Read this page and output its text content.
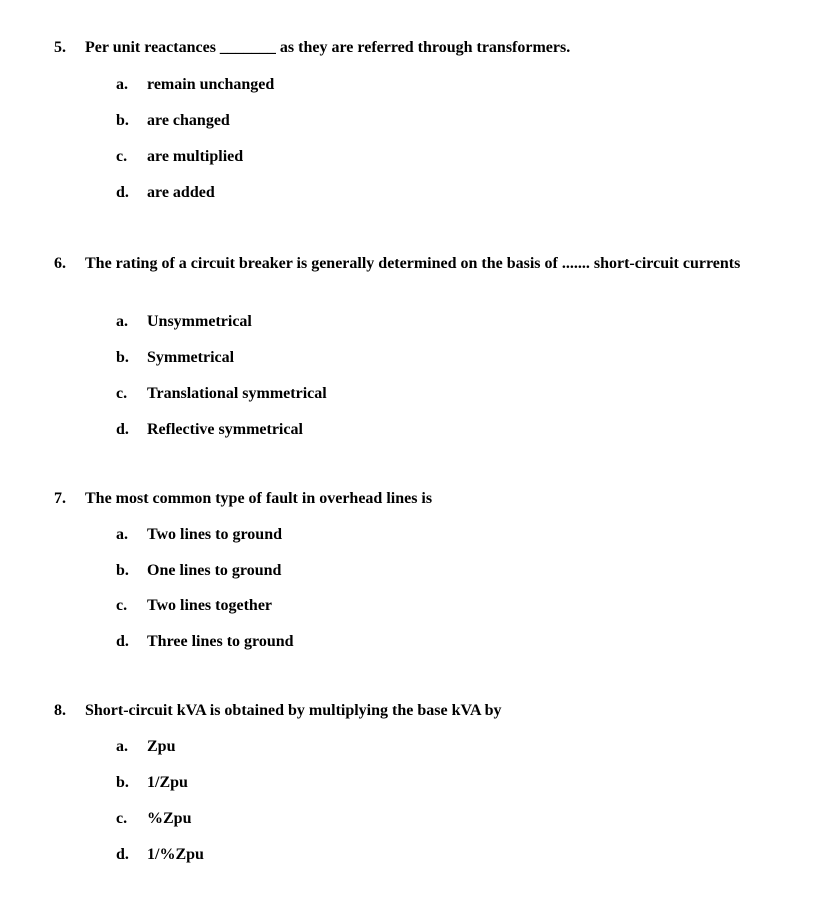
5. Per unit reactances _______ as they are referred through transformers.
a. remain unchanged
b. are changed
c. are multiplied
d. are added
6. The rating of a circuit breaker is generally determined on the basis of ....... short-circuit currents
a. Unsymmetrical
b. Symmetrical
c. Translational symmetrical
d. Reflective symmetrical
7. The most common type of fault in overhead lines is
a. Two lines to ground
b. One lines to ground
c. Two lines together
d. Three lines to ground
8. Short-circuit kVA is obtained by multiplying the base kVA by
a. Zpu
b. 1/Zpu
c. %Zpu
d. 1/%Zpu
